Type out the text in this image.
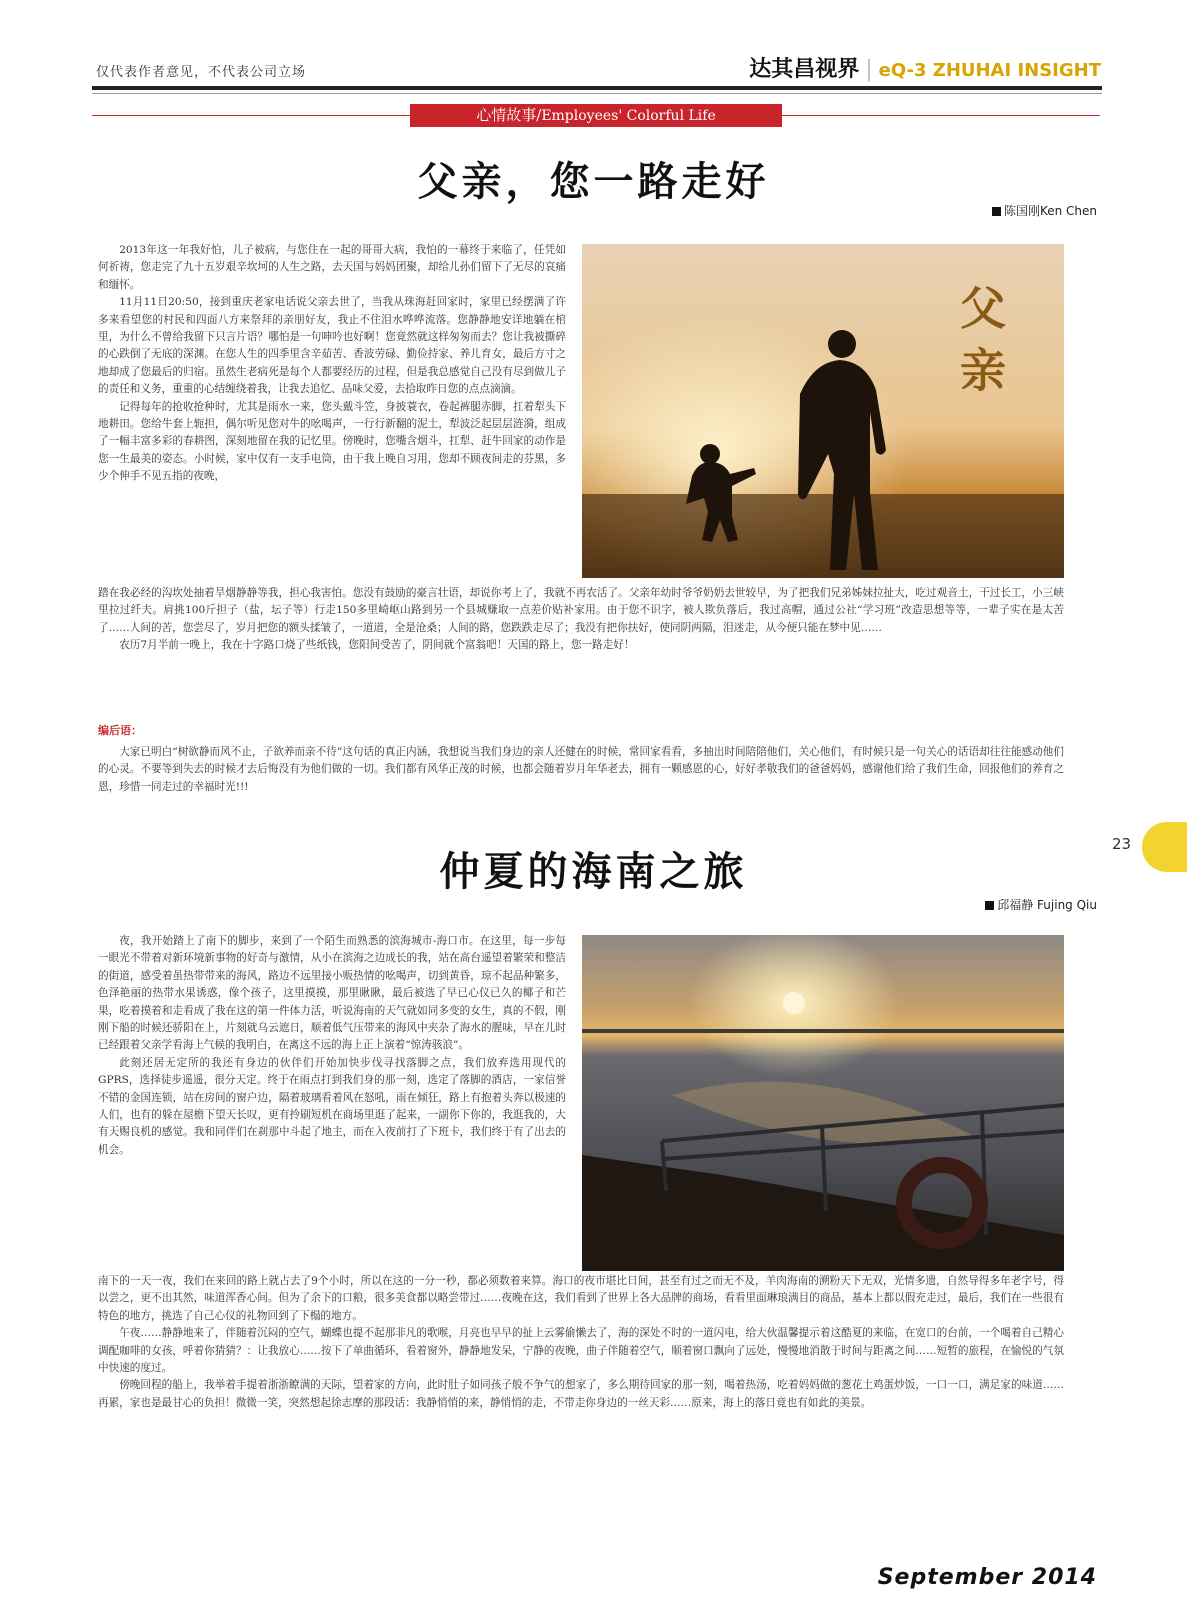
仅代表作者意见，不代表公司立场	达其昌视界 | eQ-3 ZHUHAI INSIGHT
心情故事/Employees' Colorful Life
父亲，您一路走好
陈国刚Ken Chen

2013年这一年我好怕，儿子被病，与您住在一起的哥哥大病，我怕的一幕终于来临了，任凭如何祈祷，您走完了九十五岁艰辛坎坷的人生之路，去天国与妈妈团聚，却给儿孙们留下了无尽的哀痛和缅怀。

11月11日20:50，接到重庆老家电话说父亲去世了，当我从珠海赶回家时，家里已经摆满了许多来看望您的村民和四面八方来祭拜的亲朋好友，我止不住泪水哗哗流落。您静静地安详地躺在棺里，为什么不曾给我留下只言片语？哪怕是一句呻吟也好啊！您竟然就这样匆匆而去？您让我被撕碎的心跌倒了无底的深渊。在您人生的四季里含辛茹苦、香波劳碌、勤俭持家、养儿育女，最后方寸之地却成了您最后的归宿。虽然生老病死是每个人都要经历的过程，但是我总感觉自己没有尽到做儿子的责任和义务，重重的心结缠绕着我，让我去追忆、品味父爱，去拾取昨日您的点点滴滴。

记得每年的抢收抢种时，尤其是雨水一来，您头戴斗笠，身披蓑衣，卷起裤腿赤脚，扛着犁头下地耕田。您给牛套上轭担，偶尔听见您对牛的吆喝声，一行行新翻的泥土，犁波泛起层层涟漪，组成了一幅丰富多彩的春耕图，深刻地留在我的记忆里。傍晚时，您嘴含烟斗，扛犁、赶牛回家的动作是您一生最美的姿态。小时候，家中仅有一支手电筒，由于我上晚自习用，您却不顾夜间走的芬黑，多少个伸手不见五指的夜晚，

父亲

踏在我必经的沟坎处抽着旱烟静静等我，担心我害怕。您没有鼓励的豪言壮语，却说你考上了，我就不再农活了。父亲年幼时爷爷奶奶去世较早，为了把我们兄弟姊妹拉扯大，吃过观音土，干过长工，小三峡里拉过纤夫。肩挑100斤担子（盐，坛子等）行走150多里崎岖山路到另一个县城赚取一点差价贴补家用。由于您不识字，被人欺负落后，我过高帽，通过公社“学习班”改造思想等等，一辈子实在是太苦了……人间的苦，您尝尽了，岁月把您的额头揉皱了，一道道，全是沧桑；人间的路，您跌跌走尽了；我没有把你扶好，使同阴两隔，泪迷走，从今便只能在梦中见……

农历7月半前一晚上，我在十字路口烧了些纸钱，您阳间受苦了，阴间就个富翁吧！天国的路上，您一路走好！

编后语：

大家已明白“树欲静而风不止，子欲养而亲不待”这句话的真正内涵，我想说当我们身边的亲人还健在的时候，常回家看看，多抽出时间陪陪他们，关心他们，有时候只是一句关心的话语却往往能感动他们的心灵。不要等到失去的时候才去后悔没有为他们做的一切。我们都有风华正茂的时候，也都会随着岁月年华老去，拥有一颗感恩的心，好好孝敬我们的爸爸妈妈，感谢他们给了我们生命，回报他们的养育之恩，珍惜一同走过的幸福时光!!!

23
仲夏的海南之旅
邱福静 Fujing Qiu

夜，我开始踏上了南下的脚步，来到了一个陌生而熟悉的滨海城市-海口市。在这里，每一步每一眼光不带着对新环境新事物的好奇与激情，从小在滨海之边成长的我，站在高台遥望着繁荣和整洁的街道，感受着虽热带带来的海风，路边不远里接小贩热情的吆喝声，切到黄昏，琼不起品种繁多，色泽艳丽的热带水果诱惑，像个孩子，这里摸摸，那里瞅瞅，最后被选了早已心仪已久的椰子和芒果，吃着摸着和走看成了我在这的第一件体力活，听说海南的天气就如同多变的女生，真的不假，刚刚下船的时候还骄阳在上，片刻就乌云遮日，顺着低气压带来的海风中夹杂了海水的腥味，早在儿时已经跟着父亲学看海上气候的我明白，在离这不远的海上正上演着“惊涛骇浪”。

此刻还居无定所的我还有身边的伙伴们开始加快步伐寻找落脚之点，我们放弃选用现代的GPRS，选择徒步遥遥，很分天定。终于在雨点打到我们身的那一刻，选定了落脚的酒店，一家信誉不错的金国连锁，站在房间的窗户边，隔着玻璃看着风在怒吼，雨在倾狂，路上有抱着头奔以极速的人们，也有的躲在屋檐下望天长叹，更有拎刷短机在商场里逛了起来，一副你下你的，我逛我的，大有天赐良机的感觉。我和同伴们在刹那中斗起了地主，而在入夜前打了下班卡，我们终于有了出去的机会。

南下的一天一夜，我们在来回的路上就占去了9个小时，所以在这的一分一秒，都必须数着来算。海口的夜市堪比日间，甚至有过之而无不及，羊肉海南的溯粉天下无双，光情多遗，自然导得多年老字号，得以尝之，更不出其然，味道浑香心间。但为了余下的口粮，很多美食都以略尝带过……夜晚在这，我们看到了世界上各大品牌的商场，看看里面琳琅满目的商品，基本上都以假充走过，最后，我们在一些很有特色的地方，挑选了自己心仪的礼物回到了下榻的地方。

午夜……静静地来了，伴随着沉闷的空气，蝴蝶也提不起那非凡的歌喉，月亮也早早的扯上云雾偷懒去了，海的深处不时的一道闪电，给大伙温馨提示着这酷夏的来临，在宽口的台前，一个喝着自己精心调配咖啡的女孩，呼着你猜猜？：让我放心……按下了单曲循环，看着窗外，静静地发呆，宁静的夜晚，曲子伴随着空气，顺着窗口飘向了远处，慢慢地消散于时间与距离之间……短暂的旅程，在愉悦的气氛中快速的度过。

傍晚回程的船上，我举着手提着浙浙瞭满的天际，望着家的方向，此时肚子如同孩子般不争气的想家了，多么期待回家的那一刻，喝着热汤，吃着妈妈做的葱花土鸡蛋炒饭，一口一口，满足家的味道……再累，家也是最甘心的负担！微微一笑，突然想起徐志摩的那段话：我静悄悄的来，静悄悄的走，不带走你身边的一丝天彩……原来，海上的落日竟也有如此的美景。

September 2014
